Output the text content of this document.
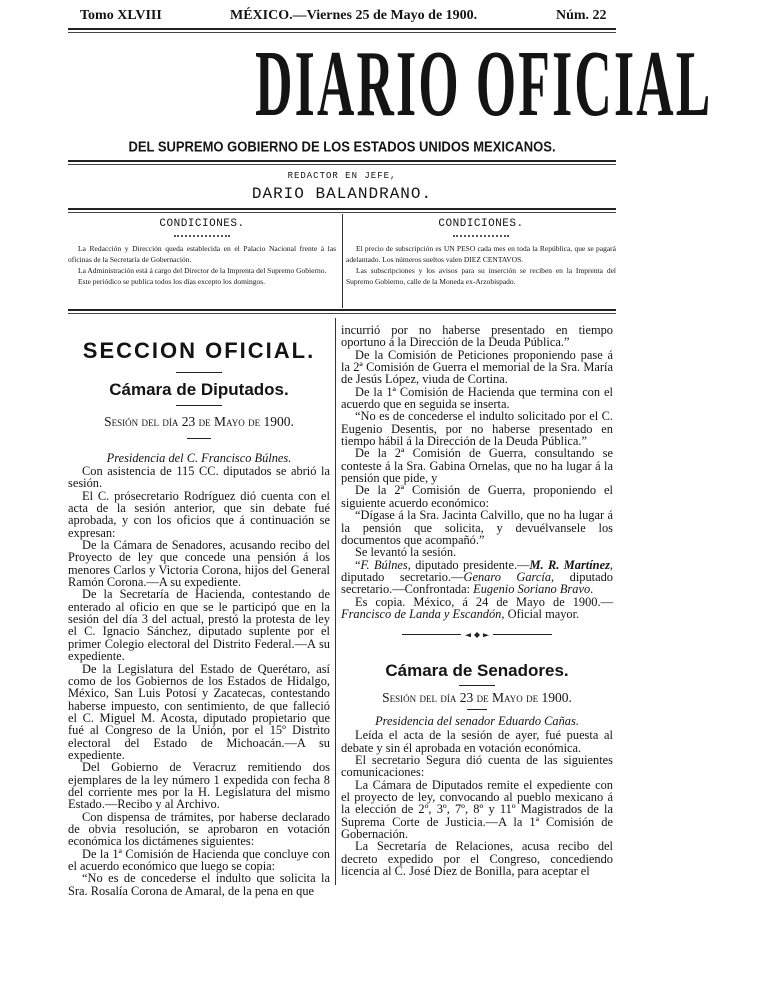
Tomo XLVIII	MÉXICO.—Viernes 25 de Mayo de 1900.	Núm. 22
DIARIO OFICIAL
DEL SUPREMO GOBIERNO DE LOS ESTADOS UNIDOS MEXICANOS.
REDACTOR EN JEFE,
DARIO BALANDRANO.
CONDICIONES.

La Redacción y Dirección queda establecida en el Palacio Nacional frente á las oficinas de la Secretaría de Gobernación.

La Administración está á cargo del Director de la Imprenta del Supremo Gobierno.

Este periódico se publica todos los días excepto los domingos.

CONDICIONES.

El precio de subscripción es UN PESO cada mes en toda la República, que se pagará adelantado. Los números sueltos valen DIEZ CENTAVOS.

Las subscripciones y los avisos para su inserción se reciben en la Imprenta del Supremo Gobierno, calle de la Moneda ex-Arzobispado.

SECCION OFICIAL.
Cámara de Diputados.
Sesión del día 23 de Mayo de 1900.
Presidencia del C. Francisco Búlnes.

Con asistencia de 115 CC. diputados se abrió la sesión.

El C. prósecretario Rodríguez dió cuenta con el acta de la sesión anterior, que sin debate fué aprobada, y con los oficios que á continuación se expresan:

De la Cámara de Senadores, acusando recibo del Proyecto de ley que concede una pensión á los menores Carlos y Victoria Corona, hijos del General Ramón Corona.—A su expediente.

De la Secretaría de Hacienda, contestando de enterado al oficio en que se le participó que en la sesión del día 3 del actual, prestó la protesta de ley el C. Ignacio Sánchez, diputado suplente por el primer Colegio electoral del Distrito Federal.—A su expediente.

De la Legislatura del Estado de Querétaro, así como de los Gobiernos de los Estados de Hidalgo, México, San Luis Potosí y Zacatecas, contestando haberse impuesto, con sentimiento, de que falleció el C. Miguel M. Acosta, diputado propietario que fué al Congreso de la Unión, por el 15º Distrito electoral del Estado de Michoacán.—A su expediente.

Del Gobierno de Veracruz remitiendo dos ejemplares de la ley número 1 expedida con fecha 8 del corriente mes por la H. Legislatura del mismo Estado.—Recibo y al Archivo.

Con dispensa de trámites, por haberse declarado de obvia resolución, se aprobaron en votación económica los dictámenes siguientes:

De la 1ª Comisión de Hacienda que concluye con el acuerdo económico que luego se copia:

“No es de concederse el indulto que solicita la Sra. Rosalía Corona de Amaral, de la pena en que

incurrió por no haberse presentado en tiempo oportuno á la Dirección de la Deuda Pública.”

De la Comisión de Peticiones proponiendo pase á la 2ª Comisión de Guerra el memorial de la Sra. María de Jesús López, viuda de Cortina.

De la 1ª Comisión de Hacienda que termina con el acuerdo que en seguida se inserta.

“No es de concederse el indulto solicitado por el C. Eugenio Desentis, por no haberse presentado en tiempo hábil á la Dirección de la Deuda Pública.”

De la 2ª Comisión de Guerra, consultando se conteste á la Sra. Gabina Ornelas, que no ha lugar á la pensión que pide, y

De la 2ª Comisión de Guerra, proponiendo el siguiente acuerdo económico:

“Dígase á la Sra. Jacinta Calvillo, que no ha lugar á la pensión que solicita, y devuélvansele los documentos que acompañó.”

Se levantó la sesión.

“F. Búlnes, diputado presidente.—M. R. Martínez, diputado secretario.—Genaro García, diputado secretario.—Confrontada: Eugenio Soriano Bravo.

Es copia. México, á 24 de Mayo de 1900.—Francisco de Landa y Escandón, Oficial mayor.

Cámara de Senadores.
Sesión del día 23 de Mayo de 1900.
Presidencia del senador Eduardo Cañas.

Leída el acta de la sesión de ayer, fué puesta al debate y sin él aprobada en votación económica.

El secretario Segura dió cuenta de las siguientes comunicaciones:

La Cámara de Diputados remite el expediente con el proyecto de ley, convocando al pueblo mexicano á la elección de 2º, 3º, 7º, 8º y 11º Magistrados de la Suprema Corte de Justicia.—A la 1ª Comisión de Gobernación.

La Secretaría de Relaciones, acusa recibo del decreto expedido por el Congreso, concediendo licencia al C. José Diez de Bonilla, para aceptar el
